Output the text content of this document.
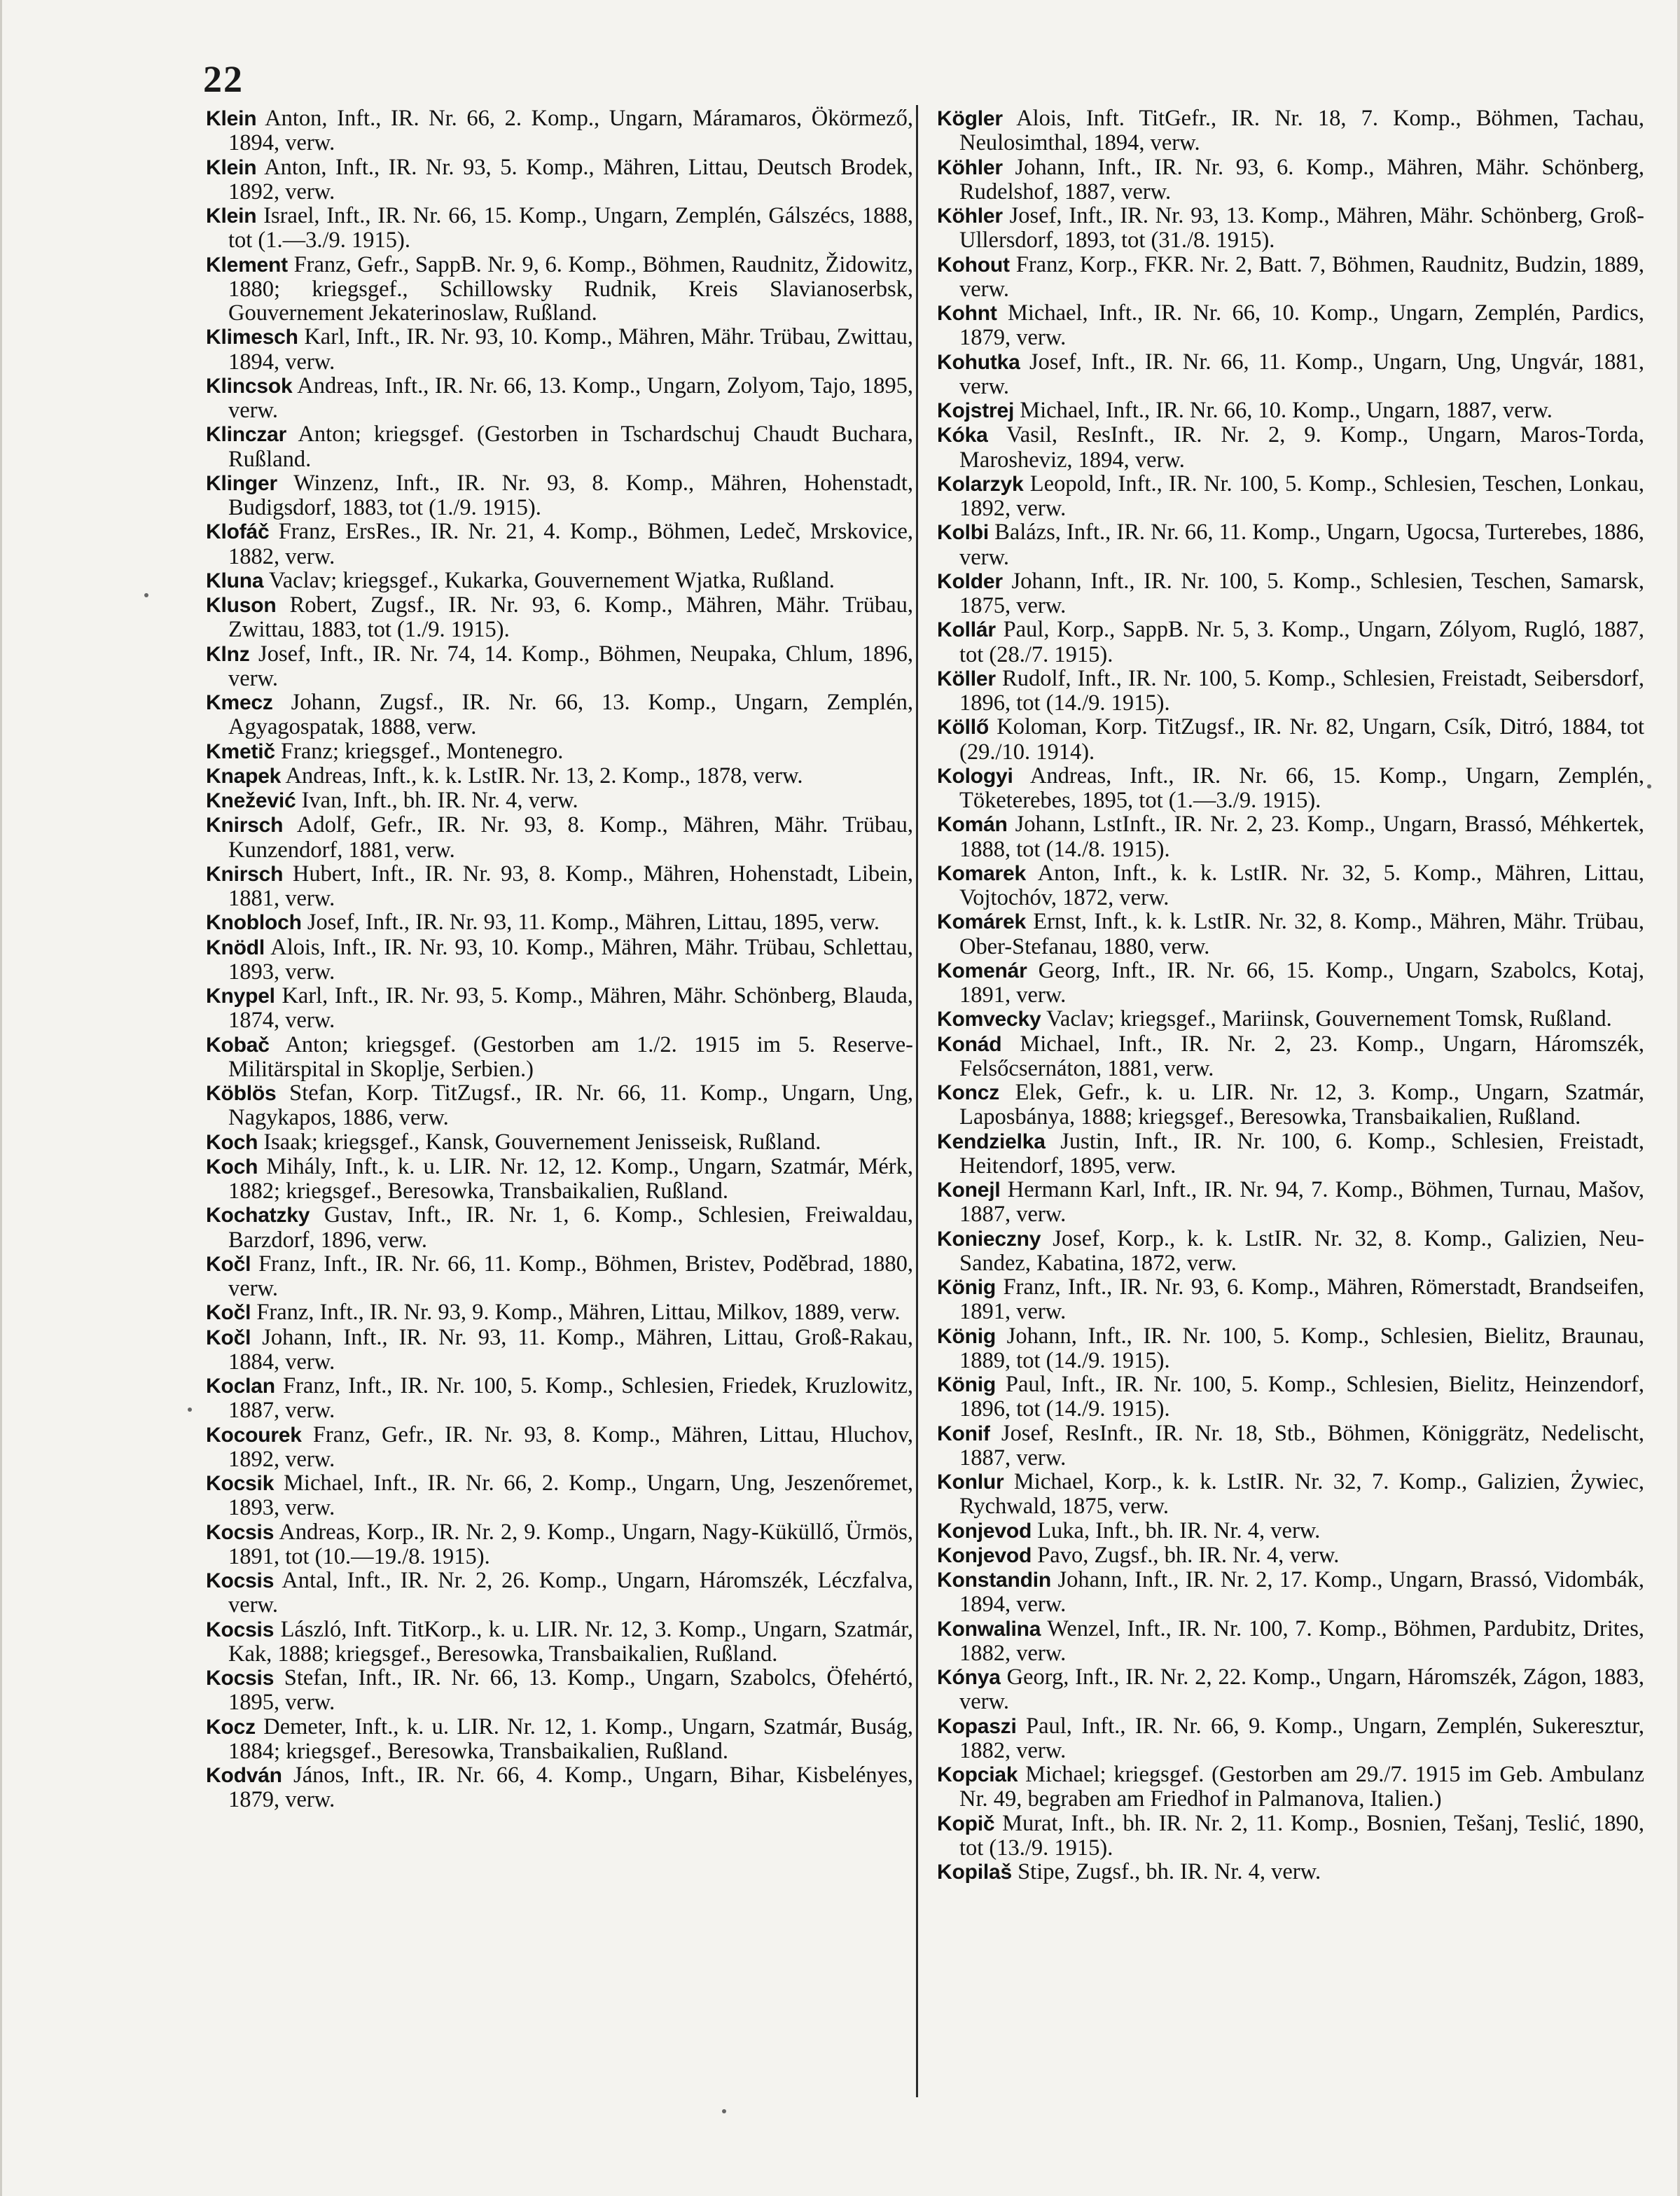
22

Klein Anton, Inft., IR. Nr. 66, 2. Komp., Ungarn, Máramaros, Ökörmező, 1894, verw.

Klein Anton, Inft., IR. Nr. 93, 5. Komp., Mähren, Littau, Deutsch Brodek, 1892, verw.

Klein Israel, Inft., IR. Nr. 66, 15. Komp., Ungarn, Zemplén, Gálszécs, 1888, tot (1.—3./9. 1915).

Klement Franz, Gefr., SappB. Nr. 9, 6. Komp., Böhmen, Raudnitz, Židowitz, 1880; kriegsgef., Schillowsky Rudnik, Kreis Slavianoserbsk, Gouvernement Jekaterinoslaw, Rußland.

Klimesch Karl, Inft., IR. Nr. 93, 10. Komp., Mähren, Mähr. Trübau, Zwittau, 1894, verw.

Klincsok Andreas, Inft., IR. Nr. 66, 13. Komp., Ungarn, Zolyom, Tajo, 1895, verw.

Klinczar Anton; kriegsgef. (Gestorben in Tschardschuj Chaudt Buchara, Rußland.

Klinger Winzenz, Inft., IR. Nr. 93, 8. Komp., Mähren, Hohenstadt, Budigsdorf, 1883, tot (1./9. 1915).

Klofáč Franz, ErsRes., IR. Nr. 21, 4. Komp., Böhmen, Ledeč, Mrskovice, 1882, verw.

Kluna Vaclav; kriegsgef., Kukarka, Gouvernement Wjatka, Rußland.

Kluson Robert, Zugsf., IR. Nr. 93, 6. Komp., Mähren, Mähr. Trübau, Zwittau, 1883, tot (1./9. 1915).

Klnz Josef, Inft., IR. Nr. 74, 14. Komp., Böhmen, Neupaka, Chlum, 1896, verw.

Kmecz Johann, Zugsf., IR. Nr. 66, 13. Komp., Ungarn, Zemplén, Agyagospatak, 1888, verw.

Kmetič Franz; kriegsgef., Montenegro.

Knapek Andreas, Inft., k. k. LstIR. Nr. 13, 2. Komp., 1878, verw.

Knežević Ivan, Inft., bh. IR. Nr. 4, verw.

Knirsch Adolf, Gefr., IR. Nr. 93, 8. Komp., Mähren, Mähr. Trübau, Kunzendorf, 1881, verw.

Knirsch Hubert, Inft., IR. Nr. 93, 8. Komp., Mähren, Hohenstadt, Libein, 1881, verw.

Knobloch Josef, Inft., IR. Nr. 93, 11. Komp., Mähren, Littau, 1895, verw.

Knödl Alois, Inft., IR. Nr. 93, 10. Komp., Mähren, Mähr. Trübau, Schlettau, 1893, verw.

Knypel Karl, Inft., IR. Nr. 93, 5. Komp., Mähren, Mähr. Schönberg, Blauda, 1874, verw.

Kobač Anton; kriegsgef. (Gestorben am 1./2. 1915 im 5. Reserve-Militärspital in Skoplje, Serbien.)

Köblös Stefan, Korp. TitZugsf., IR. Nr. 66, 11. Komp., Ungarn, Ung, Nagykapos, 1886, verw.

Koch Isaak; kriegsgef., Kansk, Gouvernement Jenisseisk, Rußland.

Koch Mihály, Inft., k. u. LIR. Nr. 12, 12. Komp., Ungarn, Szatmár, Mérk, 1882; kriegsgef., Beresowka, Transbaikalien, Rußland.

Kochatzky Gustav, Inft., IR. Nr. 1, 6. Komp., Schlesien, Freiwaldau, Barzdorf, 1896, verw.

Kočl Franz, Inft., IR. Nr. 66, 11. Komp., Böhmen, Bristev, Poděbrad, 1880, verw.

Kočl Franz, Inft., IR. Nr. 93, 9. Komp., Mähren, Littau, Milkov, 1889, verw.

Kočl Johann, Inft., IR. Nr. 93, 11. Komp., Mähren, Littau, Groß-Rakau, 1884, verw.

Koclan Franz, Inft., IR. Nr. 100, 5. Komp., Schlesien, Friedek, Kruzlowitz, 1887, verw.

Kocourek Franz, Gefr., IR. Nr. 93, 8. Komp., Mähren, Littau, Hluchov, 1892, verw.

Kocsik Michael, Inft., IR. Nr. 66, 2. Komp., Ungarn, Ung, Jeszenőremet, 1893, verw.

Kocsis Andreas, Korp., IR. Nr. 2, 9. Komp., Ungarn, Nagy-Küküllő, Ürmös, 1891, tot (10.—19./8. 1915).

Kocsis Antal, Inft., IR. Nr. 2, 26. Komp., Ungarn, Háromszék, Léczfalva, verw.

Kocsis László, Inft. TitKorp., k. u. LIR. Nr. 12, 3. Komp., Ungarn, Szatmár, Kak, 1888; kriegsgef., Beresowka, Transbaikalien, Rußland.

Kocsis Stefan, Inft., IR. Nr. 66, 13. Komp., Ungarn, Szabolcs, Öfehértó, 1895, verw.

Kocz Demeter, Inft., k. u. LIR. Nr. 12, 1. Komp., Ungarn, Szatmár, Buság, 1884; kriegsgef., Beresowka, Transbaikalien, Rußland.

Kodván János, Inft., IR. Nr. 66, 4. Komp., Ungarn, Bihar, Kisbelényes, 1879, verw.

Kögler Alois, Inft. TitGefr., IR. Nr. 18, 7. Komp., Böhmen, Tachau, Neulosimthal, 1894, verw.

Köhler Johann, Inft., IR. Nr. 93, 6. Komp., Mähren, Mähr. Schönberg, Rudelshof, 1887, verw.

Köhler Josef, Inft., IR. Nr. 93, 13. Komp., Mähren, Mähr. Schönberg, Groß-Ullersdorf, 1893, tot (31./8. 1915).

Kohout Franz, Korp., FKR. Nr. 2, Batt. 7, Böhmen, Raudnitz, Budzin, 1889, verw.

Kohnt Michael, Inft., IR. Nr. 66, 10. Komp., Ungarn, Zemplén, Pardics, 1879, verw.

Kohutka Josef, Inft., IR. Nr. 66, 11. Komp., Ungarn, Ung, Ungvár, 1881, verw.

Kojstrej Michael, Inft., IR. Nr. 66, 10. Komp., Ungarn, 1887, verw.

Kóka Vasil, ResInft., IR. Nr. 2, 9. Komp., Ungarn, Maros-Torda, Marosheviz, 1894, verw.

Kolarzyk Leopold, Inft., IR. Nr. 100, 5. Komp., Schlesien, Teschen, Lonkau, 1892, verw.

Kolbi Balázs, Inft., IR. Nr. 66, 11. Komp., Ungarn, Ugocsa, Turterebes, 1886, verw.

Kolder Johann, Inft., IR. Nr. 100, 5. Komp., Schlesien, Teschen, Samarsk, 1875, verw.

Kollár Paul, Korp., SappB. Nr. 5, 3. Komp., Ungarn, Zólyom, Rugló, 1887, tot (28./7. 1915).

Köller Rudolf, Inft., IR. Nr. 100, 5. Komp., Schlesien, Freistadt, Seibersdorf, 1896, tot (14./9. 1915).

Köllő Koloman, Korp. TitZugsf., IR. Nr. 82, Ungarn, Csík, Ditró, 1884, tot (29./10. 1914).

Kologyi Andreas, Inft., IR. Nr. 66, 15. Komp., Ungarn, Zemplén, Töketerebes, 1895, tot (1.—3./9. 1915).

Komán Johann, LstInft., IR. Nr. 2, 23. Komp., Ungarn, Brassó, Méhkertek, 1888, tot (14./8. 1915).

Komarek Anton, Inft., k. k. LstIR. Nr. 32, 5. Komp., Mähren, Littau, Vojtochóv, 1872, verw.

Komárek Ernst, Inft., k. k. LstIR. Nr. 32, 8. Komp., Mähren, Mähr. Trübau, Ober-Stefanau, 1880, verw.

Komenár Georg, Inft., IR. Nr. 66, 15. Komp., Ungarn, Szabolcs, Kotaj, 1891, verw.

Komvecky Vaclav; kriegsgef., Mariinsk, Gouvernement Tomsk, Rußland.

Konád Michael, Inft., IR. Nr. 2, 23. Komp., Ungarn, Háromszék, Felsőcsernáton, 1881, verw.

Koncz Elek, Gefr., k. u. LIR. Nr. 12, 3. Komp., Ungarn, Szatmár, Laposbánya, 1888; kriegsgef., Beresowka, Transbaikalien, Rußland.

Kendzielka Justin, Inft., IR. Nr. 100, 6. Komp., Schlesien, Freistadt, Heitendorf, 1895, verw.

Konejl Hermann Karl, Inft., IR. Nr. 94, 7. Komp., Böhmen, Turnau, Mašov, 1887, verw.

Konieczny Josef, Korp., k. k. LstIR. Nr. 32, 8. Komp., Galizien, Neu-Sandez, Kabatina, 1872, verw.

König Franz, Inft., IR. Nr. 93, 6. Komp., Mähren, Römerstadt, Brandseifen, 1891, verw.

König Johann, Inft., IR. Nr. 100, 5. Komp., Schlesien, Bielitz, Braunau, 1889, tot (14./9. 1915).

König Paul, Inft., IR. Nr. 100, 5. Komp., Schlesien, Bielitz, Heinzendorf, 1896, tot (14./9. 1915).

Konif Josef, ResInft., IR. Nr. 18, Stb., Böhmen, Königgrätz, Nedelischt, 1887, verw.

Konlur Michael, Korp., k. k. LstIR. Nr. 32, 7. Komp., Galizien, Żywiec, Rychwald, 1875, verw.

Konjevod Luka, Inft., bh. IR. Nr. 4, verw.

Konjevod Pavo, Zugsf., bh. IR. Nr. 4, verw.

Konstandin Johann, Inft., IR. Nr. 2, 17. Komp., Ungarn, Brassó, Vidombák, 1894, verw.

Konwalina Wenzel, Inft., IR. Nr. 100, 7. Komp., Böhmen, Pardubitz, Drites, 1882, verw.

Kónya Georg, Inft., IR. Nr. 2, 22. Komp., Ungarn, Háromszék, Zágon, 1883, verw.

Kopaszi Paul, Inft., IR. Nr. 66, 9. Komp., Ungarn, Zemplén, Sukeresztur, 1882, verw.

Kopciak Michael; kriegsgef. (Gestorben am 29./7. 1915 im Geb. Ambulanz Nr. 49, begraben am Friedhof in Palmanova, Italien.)

Kopič Murat, Inft., bh. IR. Nr. 2, 11. Komp., Bosnien, Tešanj, Teslić, 1890, tot (13./9. 1915).

Kopilaš Stipe, Zugsf., bh. IR. Nr. 4, verw.
